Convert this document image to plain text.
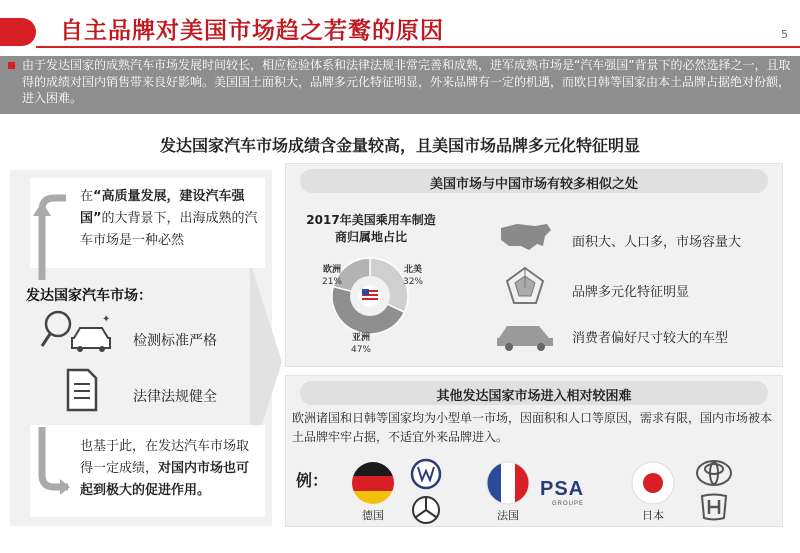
自主品牌对美国市场趋之若鹜的原因	5
由于发达国家的成熟汽车市场发展时间较长，相应检验体系和法律法规非常完善和成熟，进军成熟市场是“汽车强国”背景下的必然选择之一，且取得的成绩对国内销售带来良好影响。美国国土面积大，品牌多元化特征明显，外来品牌有一定的机遇，而欧日韩等国家由本土品牌占据绝对份额，进入困难。
发达国家汽车市场成绩含金量较高，且美国市场品牌多元化特征明显
在“高质量发展，建设汽车强国”的大背景下，出海成熟的汽车市场是一种必然
发达国家汽车市场：
✦
检测标准严格
法律法规健全
也基于此，在发达汽车市场取得一定成绩，对国内市场也可起到极大的促进作用。
美国市场与中国市场有较多相似之处
2017年美国乘用车制造
商归属地占比
北美
32%
欧洲
21%
亚洲
47%
面积大、人口多，市场容量大
品牌多元化特征明显
消费者偏好尺寸较大的车型
其他发达国家市场进入相对较困难
欧洲诸国和日韩等国家均为小型单一市场，因面积和人口等原因，需求有限，国内市场被本土品牌牢牢占据，不适宜外来品牌进入。
例：
德国	法国
PSA
GROUPE
日本
